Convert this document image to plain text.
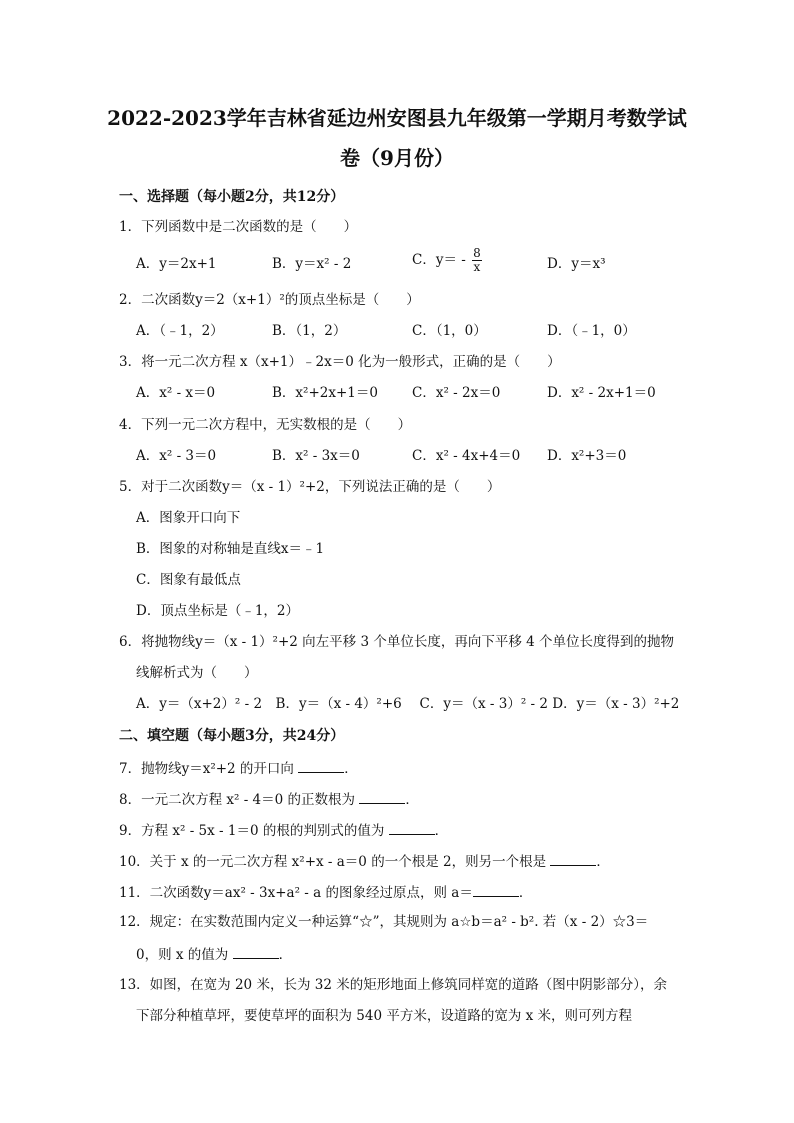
2022-2023学年吉林省延边州安图县九年级第一学期月考数学试
卷（9月份）
一、选择题（每小题2分，共12分）
1．下列函数中是二次函数的是（　　）
A．y＝2x+1	B．y＝x² - 2	C．$y= - \frac{8}{x}$	D．y＝x³
2．二次函数y＝2（x+1）²的顶点坐标是（　　）
A．（﹣1，2）	B．（1，2）	C．（1，0）	D．（﹣1，0）
3．将一元二次方程 x（x+1）﹣2x＝0 化为一般形式，正确的是（　　）
A．x² - x＝0	B．x²+2x+1＝0	C．x² - 2x＝0	D．x² - 2x+1＝0
4．下列一元二次方程中，无实数根的是（　　）
A．x² - 3＝0	B．x² - 3x＝0	C．x² - 4x+4＝0 D．x²+3＝0
5．对于二次函数y＝（x - 1）²+2，下列说法正确的是（　　）
A．图象开口向下
B．图象的对称轴是直线x＝﹣1
C．图象有最低点
D．顶点坐标是（﹣1，2）
6．将抛物线y＝（x - 1）²+2 向左平移 3 个单位长度，再向下平移 4 个单位长度得到的抛物
线解析式为（　　）
A．y＝（x+2）² - 2　B．y＝（x - 4）²+6　 C．y＝（x - 3）² - 2 D．y＝（x - 3）²+2
二、填空题（每小题3分，共24分）
7．抛物线y＝x²+2 的开口向	．
8．一元二次方程 x² - 4＝0 的正数根为	．
9．方程 x² - 5x - 1＝0 的根的判别式的值为	．
10．关于 x 的一元二次方程 x²+x - a＝0 的一个根是 2，则另一个根是	．
11．二次函数y＝ax² - 3x+a² - a 的图象经过原点，则 a＝	．
12．规定：在实数范围内定义一种运算“☆”，其规则为 a☆b＝a² - b². 若（x - 2）☆3＝
0，则 x 的值为	．
13．如图，在宽为 20 米，长为 32 米的矩形地面上修筑同样宽的道路（图中阴影部分），余
下部分种植草坪，要使草坪的面积为 540 平方米，设道路的宽为 x 米，则可列方程
